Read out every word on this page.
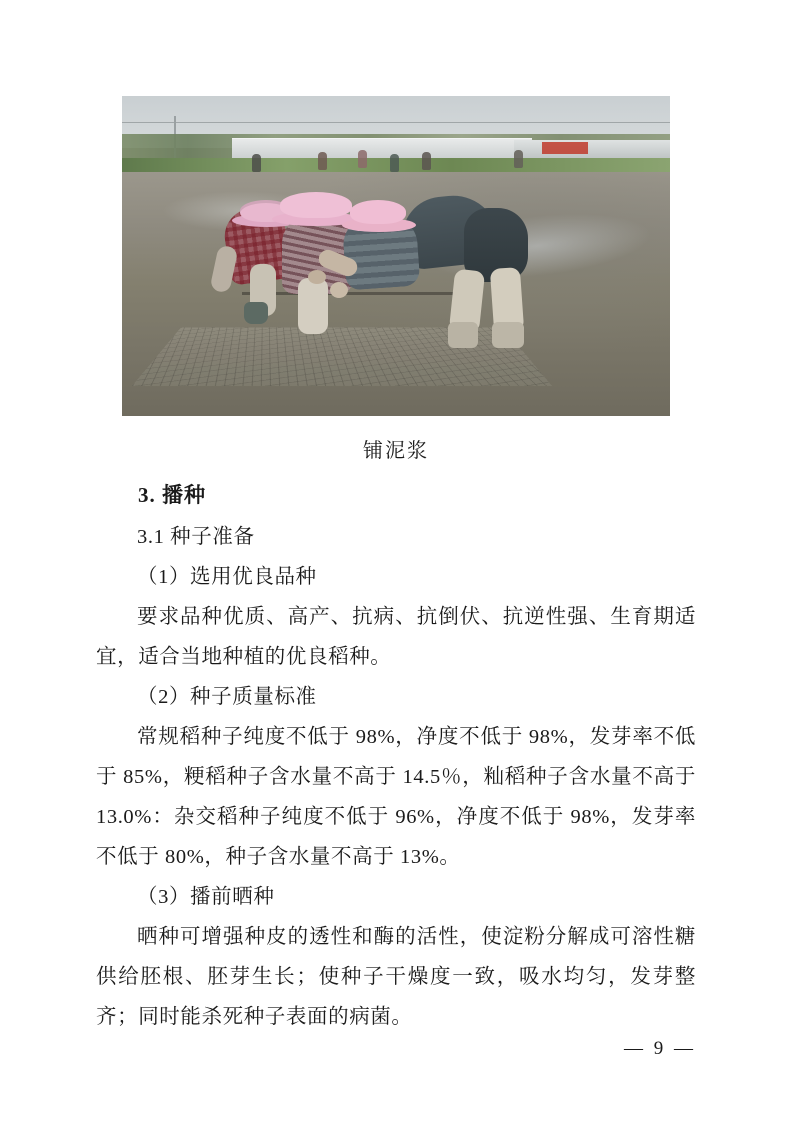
铺泥浆
3. 播种

3.1 种子准备

（1）选用优良品种

要求品种优质、高产、抗病、抗倒伏、抗逆性强、生育期适宜，适合当地种植的优良稻种。

（2）种子质量标准

常规稻种子纯度不低于 98%，净度不低于 98%，发芽率不低于 85%，粳稻种子含水量不高于 14.5％，籼稻种子含水量不高于 13.0%：杂交稻种子纯度不低于 96%，净度不低于 98%，发芽率不低于 80%，种子含水量不高于 13%。

（3）播前晒种

晒种可增强种皮的透性和酶的活性，使淀粉分解成可溶性糖供给胚根、胚芽生长；使种子干燥度一致，吸水均匀，发芽整齐；同时能杀死种子表面的病菌。

— 9 —
